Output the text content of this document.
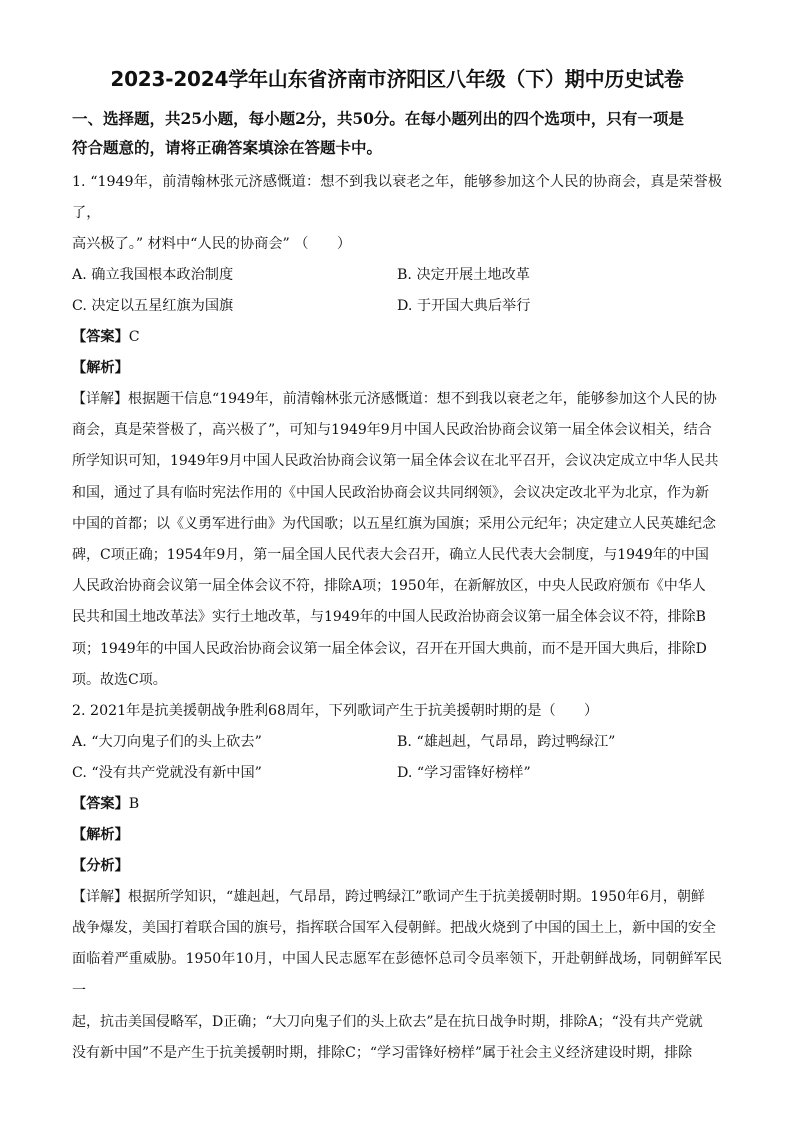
2023-2024学年山东省济南市济阳区八年级（下）期中历史试卷
一、选择题，共25小题，每小题2分，共50分。在每小题列出的四个选项中，只有一项是
符合题意的，请将正确答案填涂在答题卡中。

1. “1949年，前清翰林张元济感慨道：想不到我以衰老之年，能够参加这个人民的协商会，真是荣誉极了，

高兴极了。” 材料中“人民的协商会” （　　）

A. 确立我国根本政治制度	B. 决定开展土地改革
C. 决定以五星红旗为国旗	D. 于开国大典后举行

【答案】C

【解析】

【详解】根据题干信息“1949年，前清翰林张元济感慨道：想不到我以衰老之年，能够参加这个人民的协

商会，真是荣誉极了，高兴极了”，可知与1949年9月中国人民政治协商会议第一届全体会议相关，结合

所学知识可知，1949年9月中国人民政治协商会议第一届全体会议在北平召开，会议决定成立中华人民共

和国，通过了具有临时宪法作用的《中国人民政治协商会议共同纲领》，会议决定改北平为北京，作为新

中国的首都；以《义勇军进行曲》为代国歌；以五星红旗为国旗；采用公元纪年；决定建立人民英雄纪念

碑，C项正确；1954年9月，第一届全国人民代表大会召开，确立人民代表大会制度，与1949年的中国

人民政治协商会议第一届全体会议不符，排除A项；1950年，在新解放区，中央人民政府颁布《中华人

民共和国土地改革法》实行土地改革，与1949年的中国人民政治协商会议第一届全体会议不符，排除B

项；1949年的中国人民政治协商会议第一届全体会议，召开在开国大典前，而不是开国大典后，排除D

项。故选C项。

2. 2021年是抗美援朝战争胜利68周年，下列歌词产生于抗美援朝时期的是（　　）

A. “大刀向鬼子们的头上砍去”	B. “雄赳赳，气昂昂，跨过鸭绿江”
C. “没有共产党就没有新中国”	D. “学习雷锋好榜样”

【答案】B

【解析】

【分析】

【详解】根据所学知识，“雄赳赳，气昂昂，跨过鸭绿江”歌词产生于抗美援朝时期。1950年6月，朝鲜

战争爆发，美国打着联合国的旗号，指挥联合国军入侵朝鲜。把战火烧到了中国的国土上，新中国的安全

面临着严重威胁。1950年10月，中国人民志愿军在彭德怀总司令员率领下，开赴朝鲜战场，同朝鲜军民一

起，抗击美国侵略军，D正确；“大刀向鬼子们的头上砍去”是在抗日战争时期，排除A；“没有共产党就

没有新中国”不是产生于抗美援朝时期，排除C；“学习雷锋好榜样”属于社会主义经济建设时期，排除
